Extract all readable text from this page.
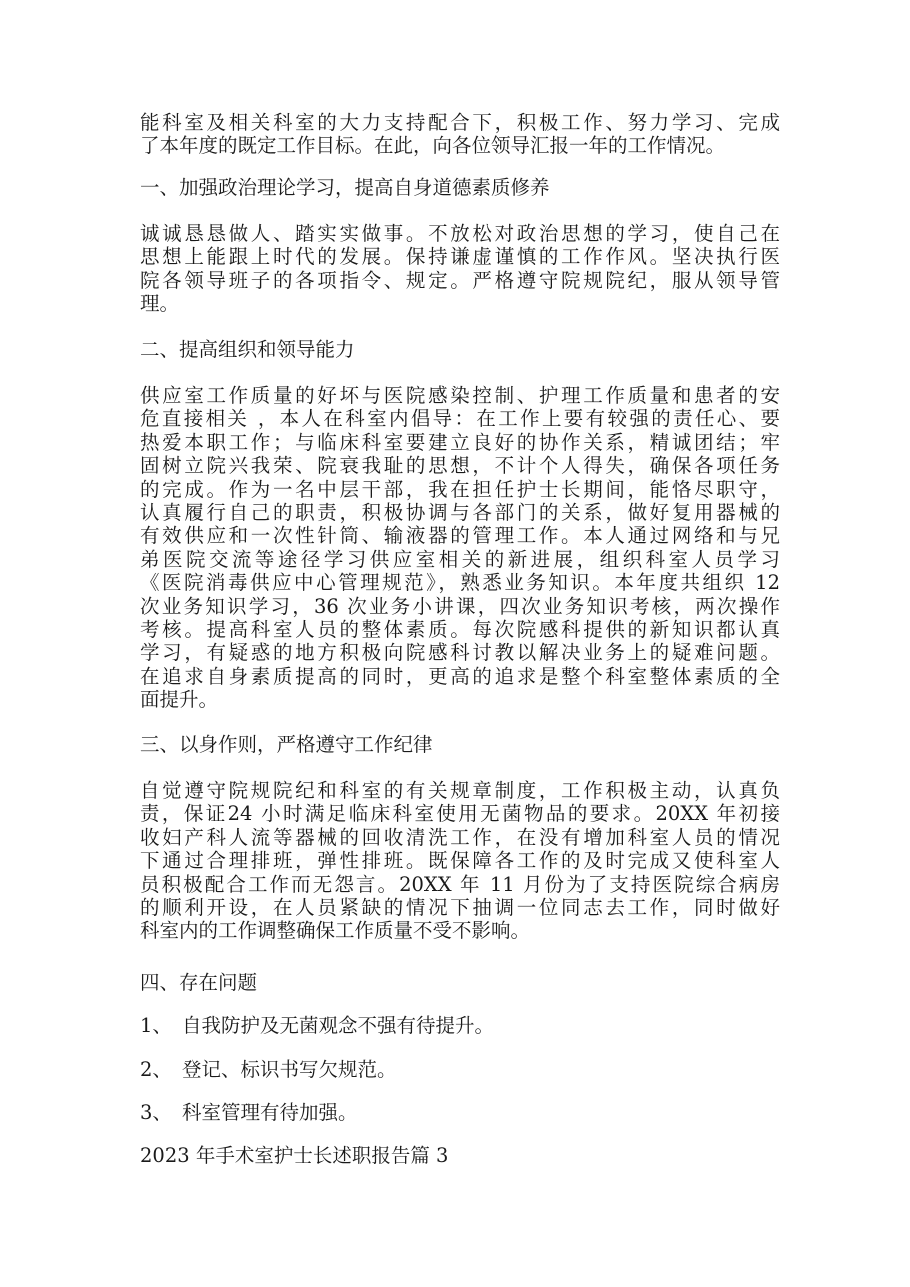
能科室及相关科室的大力支持配合下，积极工作、努力学习、完成
了本年度的既定工作目标。在此，向各位领导汇报一年的工作情况。
一、加强政治理论学习，提高自身道德素质修养
诚诚恳恳做人、踏实实做事。不放松对政治思想的学习，使自己在
思想上能跟上时代的发展。保持谦虚谨慎的工作作风。坚决执行医
院各领导班子的各项指令、规定。严格遵守院规院纪，服从领导管
理。
二、提高组织和领导能力
供应室工作质量的好坏与医院感染控制、护理工作质量和患者的安
危直接相关 ，本人在科室内倡导：在工作上要有较强的责任心、要
热爱本职工作；与临床科室要建立良好的协作关系，精诚团结；牢
固树立院兴我荣、院衰我耻的思想，不计个人得失，确保各项任务
的完成。作为一名中层干部，我在担任护士长期间，能恪尽职守，
认真履行自己的职责，积极协调与各部门的关系，做好复用器械的
有效供应和一次性针筒、输液器的管理工作。本人通过网络和与兄
弟医院交流等途径学习供应室相关的新进展，组织科室人员学习
《医院消毒供应中心管理规范》，熟悉业务知识。本年度共组织 12
次业务知识学习，36 次业务小讲课，四次业务知识考核，两次操作
考核。提高科室人员的整体素质。每次院感科提供的新知识都认真
学习，有疑惑的地方积极向院感科讨教以解决业务上的疑难问题。
在追求自身素质提高的同时，更高的追求是整个科室整体素质的全
面提升。
三、以身作则，严格遵守工作纪律
自觉遵守院规院纪和科室的有关规章制度，工作积极主动，认真负
责，保证24 小时满足临床科室使用无菌物品的要求。20XX 年初接
收妇产科人流等器械的回收清洗工作，在没有增加科室人员的情况
下通过合理排班，弹性排班。既保障各工作的及时完成又使科室人
员积极配合工作而无怨言。20XX 年 11 月份为了支持医院综合病房
的顺利开设，在人员紧缺的情况下抽调一位同志去工作，同时做好
科室内的工作调整确保工作质量不受不影响。
四、存在问题
1、 自我防护及无菌观念不强有待提升。
2、 登记、标识书写欠规范。
3、 科室管理有待加强。
2023 年手术室护士长述职报告篇 3
